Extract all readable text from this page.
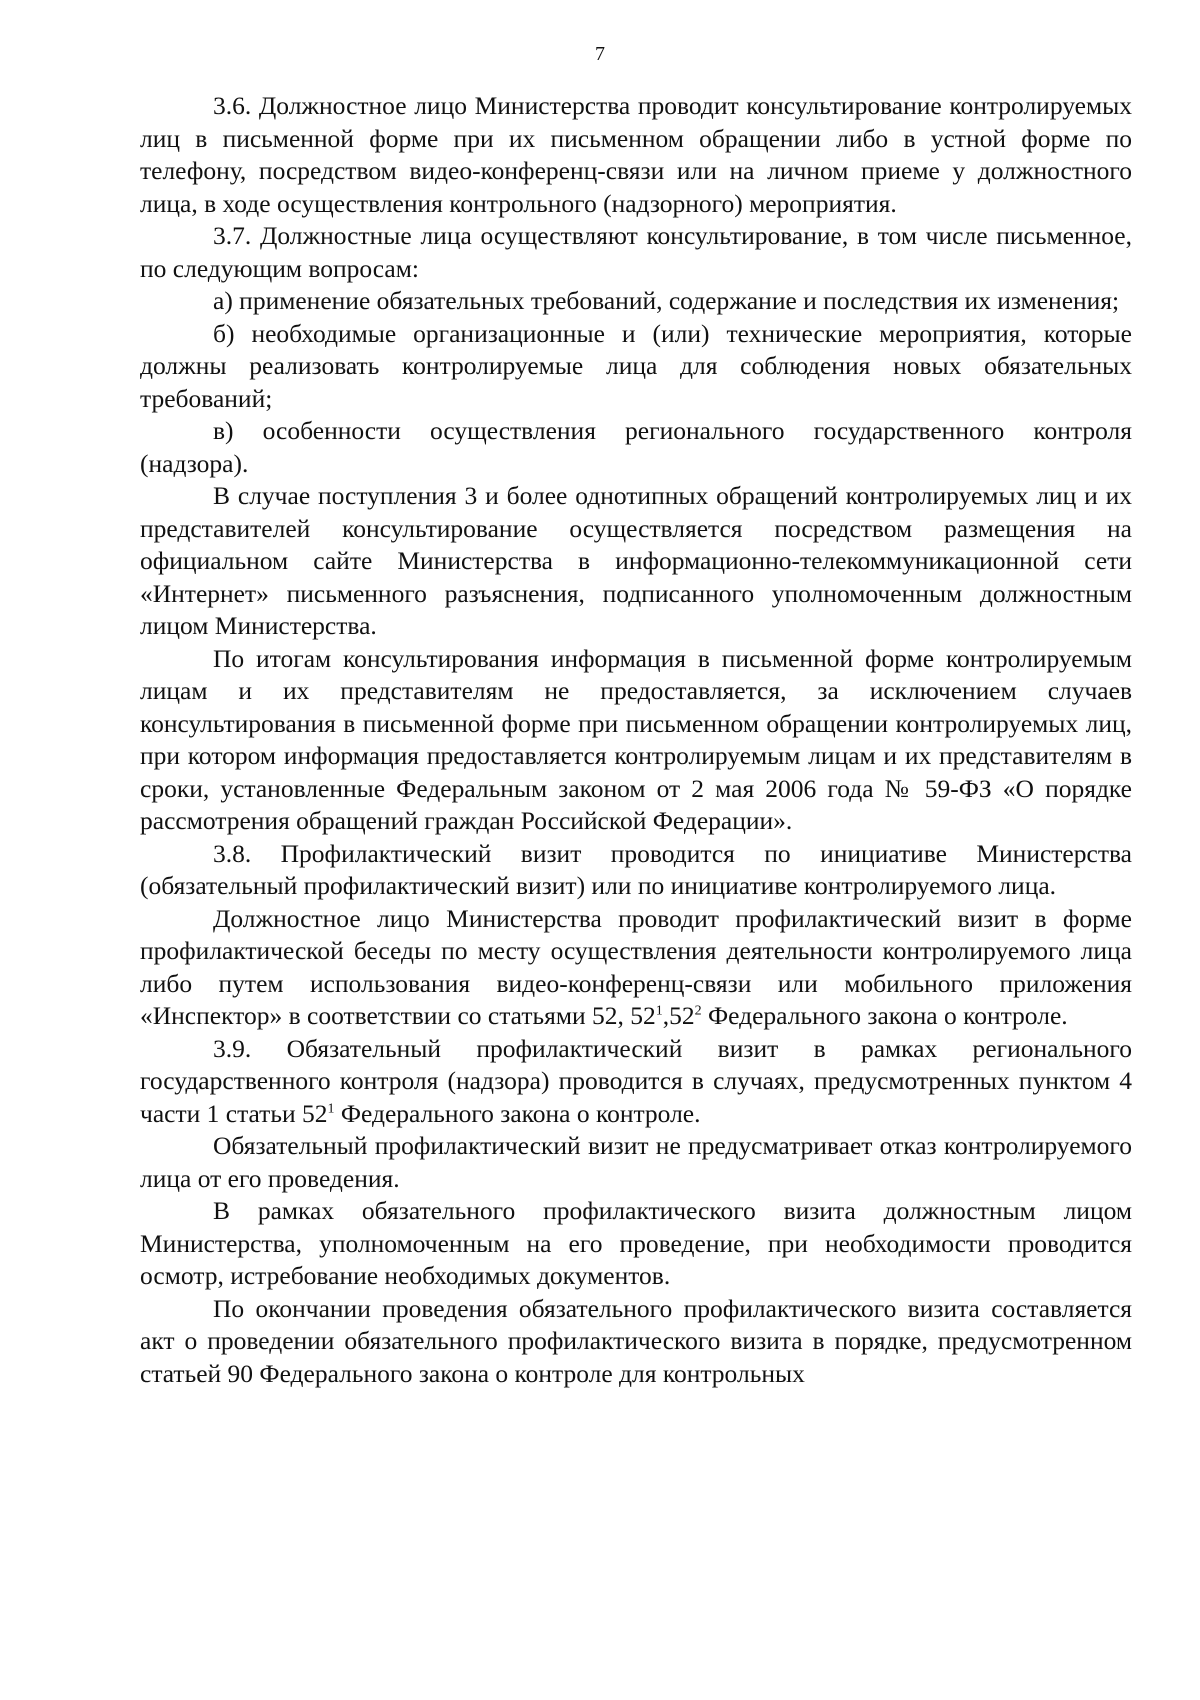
7

3.6. Должностное лицо Министерства проводит консультирование контролируемых лиц в письменной форме при их письменном обращении либо в устной форме по телефону, посредством видео-конференц-связи или на личном приеме у должностного лица, в ходе осуществления контрольного (надзорного) мероприятия.

3.7. Должностные лица осуществляют консультирование, в том числе письменное, по следующим вопросам:

а) применение обязательных требований, содержание и последствия их изменения;

б) необходимые организационные и (или) технические мероприятия, которые должны реализовать контролируемые лица для соблюдения новых обязательных требований;

в) особенности осуществления регионального государственного контроля (надзора).

В случае поступления 3 и более однотипных обращений контролируемых лиц и их представителей консультирование осуществляется посредством размещения на официальном сайте Министерства в информационно-телекоммуникационной сети «Интернет» письменного разъяснения, подписанного уполномоченным должностным лицом Министерства.

По итогам консультирования информация в письменной форме контролируемым лицам и их представителям не предоставляется, за исключением случаев консультирования в письменной форме при письменном обращении контролируемых лиц, при котором информация предоставляется контролируемым лицам и их представителям в сроки, установленные Федеральным законом от 2 мая 2006 года № 59-ФЗ «О порядке рассмотрения обращений граждан Российской Федерации».

3.8. Профилактический визит проводится по инициативе Министерства (обязательный профилактический визит) или по инициативе контролируемого лица.

Должностное лицо Министерства проводит профилактический визит в форме профилактической беседы по месту осуществления деятельности контролируемого лица либо путем использования видео-конференц-связи или мобильного приложения «Инспектор» в соответствии со статьями 52, $52^1,52^2$ Федерального закона о контроле.

3.9. Обязательный профилактический визит в рамках регионального государственного контроля (надзора) проводится в случаях, предусмотренных пунктом 4 части 1 статьи $52^1$ Федерального закона о контроле.

Обязательный профилактический визит не предусматривает отказ контролируемого лица от его проведения.

В рамках обязательного профилактического визита должностным лицом Министерства, уполномоченным на его проведение, при необходимости проводится осмотр, истребование необходимых документов.

По окончании проведения обязательного профилактического визита составляется акт о проведении обязательного профилактического визита в порядке, предусмотренном статьей 90 Федерального закона о контроле для контрольных
